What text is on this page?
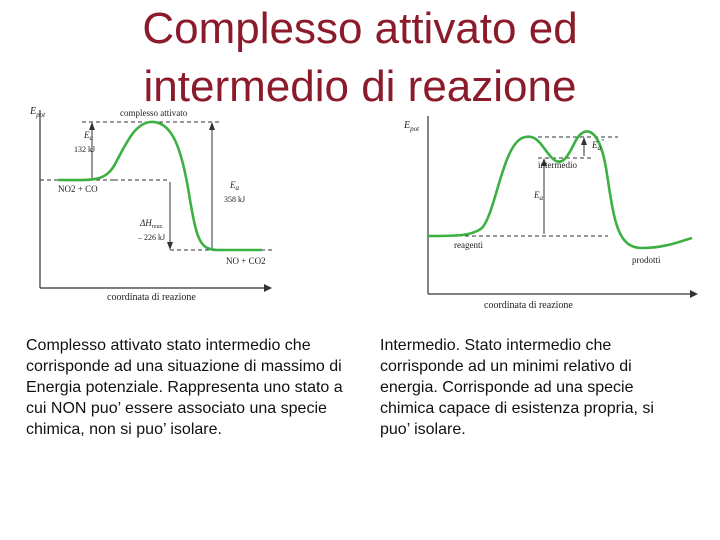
Complesso attivato ed
intermedio di reazione
$E_{pot}$
coordinata di reazione
complesso attivato
$E_a$
132 kJ
NO2 + CO	$E_a$
358 kJ
$\Delta H_{reaz.}$
– 226 kJ
NO + CO2
$E_{pot}$
coordinata di reazione
$E_a^"$
intermedio
$E_a'$
reagenti
prodotti
Complesso attivato stato intermedio che corrisponde ad una situazione di massimo di Energia potenziale. Rappresenta uno stato a cui NON puo’ essere associato una specie chimica, non si puo’ isolare.
Intermedio. Stato intermedio che corrisponde ad un minimi relativo di energia. Corrisponde ad una specie chimica capace di esistenza propria, si puo’ isolare.
